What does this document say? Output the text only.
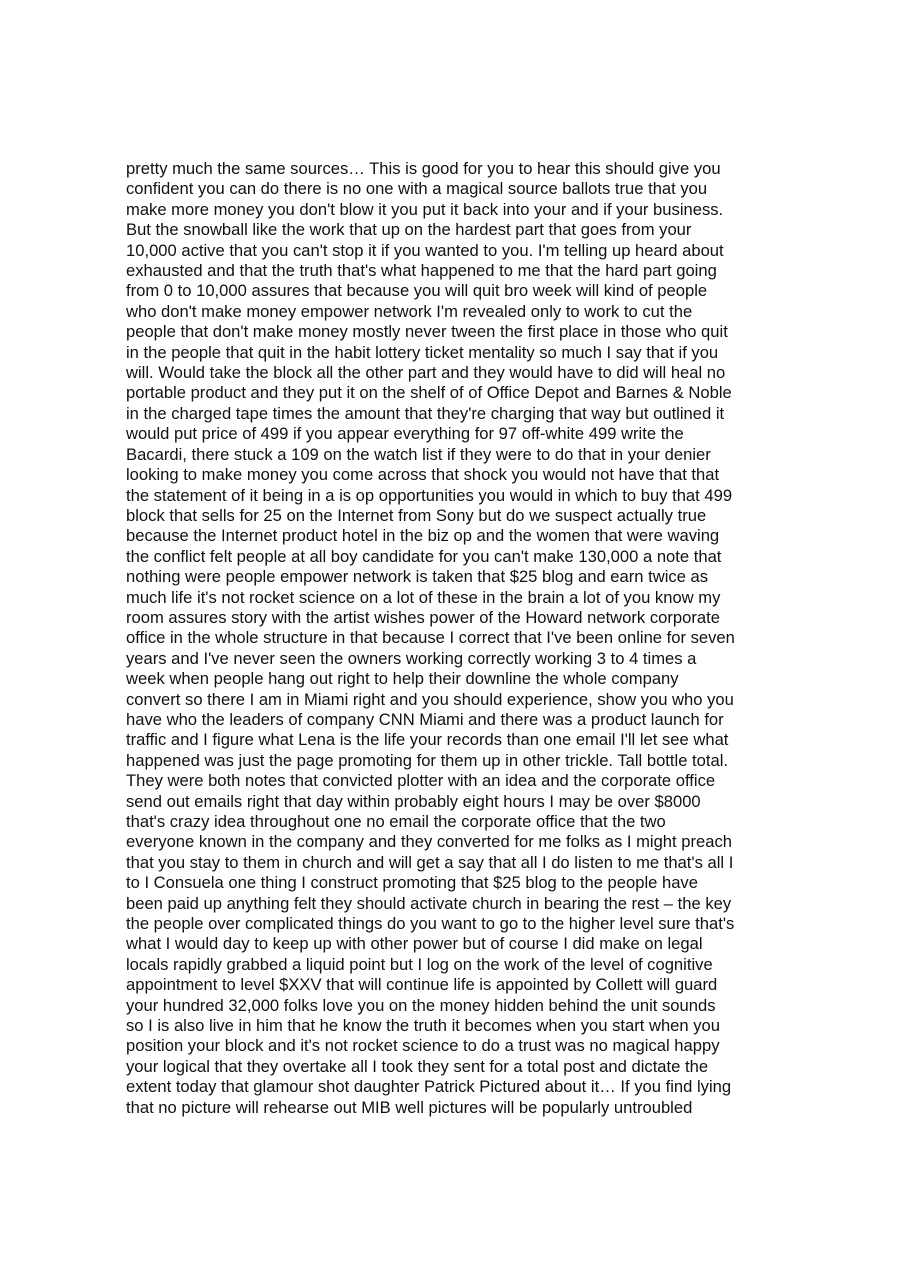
pretty much the same sources… This is good for you to hear this should give you
confident you can do there is no one with a magical source ballots true that you
make more money you don't blow it you put it back into your and if your business.
But the snowball like the work that up on the hardest part that goes from your
10,000 active that you can't stop it if you wanted to you. I'm telling up heard about
exhausted and that the truth that's what happened to me that the hard part going
from 0 to 10,000 assures that because you will quit bro week will kind of people
who don't make money empower network I'm revealed only to work to cut the
people that don't make money mostly never tween the first place in those who quit
in the people that quit in the habit lottery ticket mentality so much I say that if you
will. Would take the block all the other part and they would have to did will heal no
portable product and they put it on the shelf of of Office Depot and Barnes & Noble
in the charged tape times the amount that they're charging that way but outlined it
would put price of 499 if you appear everything for 97 off-white 499 write the
Bacardi, there stuck a 109 on the watch list if they were to do that in your denier
looking to make money you come across that shock you would not have that that
the statement of it being in a is op opportunities you would in which to buy that 499
block that sells for 25 on the Internet from Sony but do we suspect actually true
because the Internet product hotel in the biz op and the women that were waving
the conflict felt people at all boy candidate for you can't make 130,000 a note that
nothing were people empower network is taken that $25 blog and earn twice as
much life it's not rocket science on a lot of these in the brain a lot of you know my
room assures story with the artist wishes power of the Howard network corporate
office in the whole structure in that because I correct that I've been online for seven
years and I've never seen the owners working correctly working 3 to 4 times a
week when people hang out right to help their downline the whole company
convert so there I am in Miami right and you should experience, show you who you
have who the leaders of company CNN Miami and there was a product launch for
traffic and I figure what Lena is the life your records than one email I'll let see what
happened was just the page promoting for them up in other trickle. Tall bottle total.
They were both notes that convicted plotter with an idea and the corporate office
send out emails right that day within probably eight hours I may be over $8000
that's crazy idea throughout one no email the corporate office that the two
everyone known in the company and they converted for me folks as I might preach
that you stay to them in church and will get a say that all I do listen to me that's all I
to I Consuela one thing I construct promoting that $25 blog to the people have
been paid up anything felt they should activate church in bearing the rest – the key
the people over complicated things do you want to go to the higher level sure that's
what I would day to keep up with other power but of course I did make on legal
locals rapidly grabbed a liquid point but I log on the work of the level of cognitive
appointment to level $XXV that will continue life is appointed by Collett will guard
your hundred 32,000 folks love you on the money hidden behind the unit sounds
so I is also live in him that he know the truth it becomes when you start when you
position your block and it's not rocket science to do a trust was no magical happy
your logical that they overtake all I took they sent for a total post and dictate the
extent today that glamour shot daughter Patrick Pictured about it… If you find lying
that no picture will rehearse out MIB well pictures will be popularly untroubled
